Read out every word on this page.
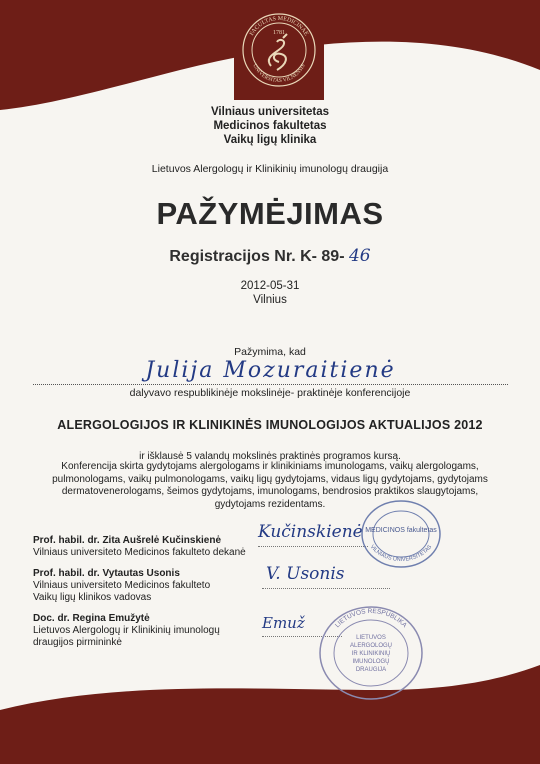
FACULTAS MEDICINAE
UNIVERSITAS VILNENSIS
1781
Vilniaus universitetas
Medicinos fakultetas
Vaikų ligų klinika
Lietuvos Alergologų ir Klinikinių imunologų draugija
PAŽYMĖJIMAS
Registracijos Nr. K- 89- 46
2012-05-31
Vilnius
Pažymima, kad
Julija Mozuraitienė
dalyvavo respublikinėje mokslinėje- praktinėje konferencijoje
ALERGOLOGIJOS IR KLINIKINĖS IMUNOLOGIJOS AKTUALIJOS 2012
ir išklausė 5 valandų mokslinės praktinės programos kursą.
Konferencija skirta gydytojams alergologams ir klinikiniams imunologams, vaikų alergologams,
pulmonologams, vaikų pulmonologams, vaikų ligų gydytojams, vidaus ligų gydytojams, gydytojams
dermatovenerologams, šeimos gydytojams, imunologams, bendrosios praktikos slaugytojams,
gydytojams rezidentams.
Prof. habil. dr. Zita Aušrelė Kučinskienė
Vilniaus universiteto Medicinos fakulteto dekanė
Kučinskienė
Prof. habil. dr. Vytautas Usonis
Vilniaus universiteto Medicinos fakulteto
Vaikų ligų klinikos vadovas
V. Usonis
Doc. dr. Regina Emužytė
Lietuvos Alergologų ir Klinikinių imunologų
draugijos pirmininkė
Emuž
MEDICINOS fakultetas
VILNIAUS UNIVERSITETAS
LIETUVOS RESPUBLIKA
LIETUVOS
ALERGOLOGŲ
IR KLINIKINIŲ
IMUNOLOGŲ
DRAUGIJA
